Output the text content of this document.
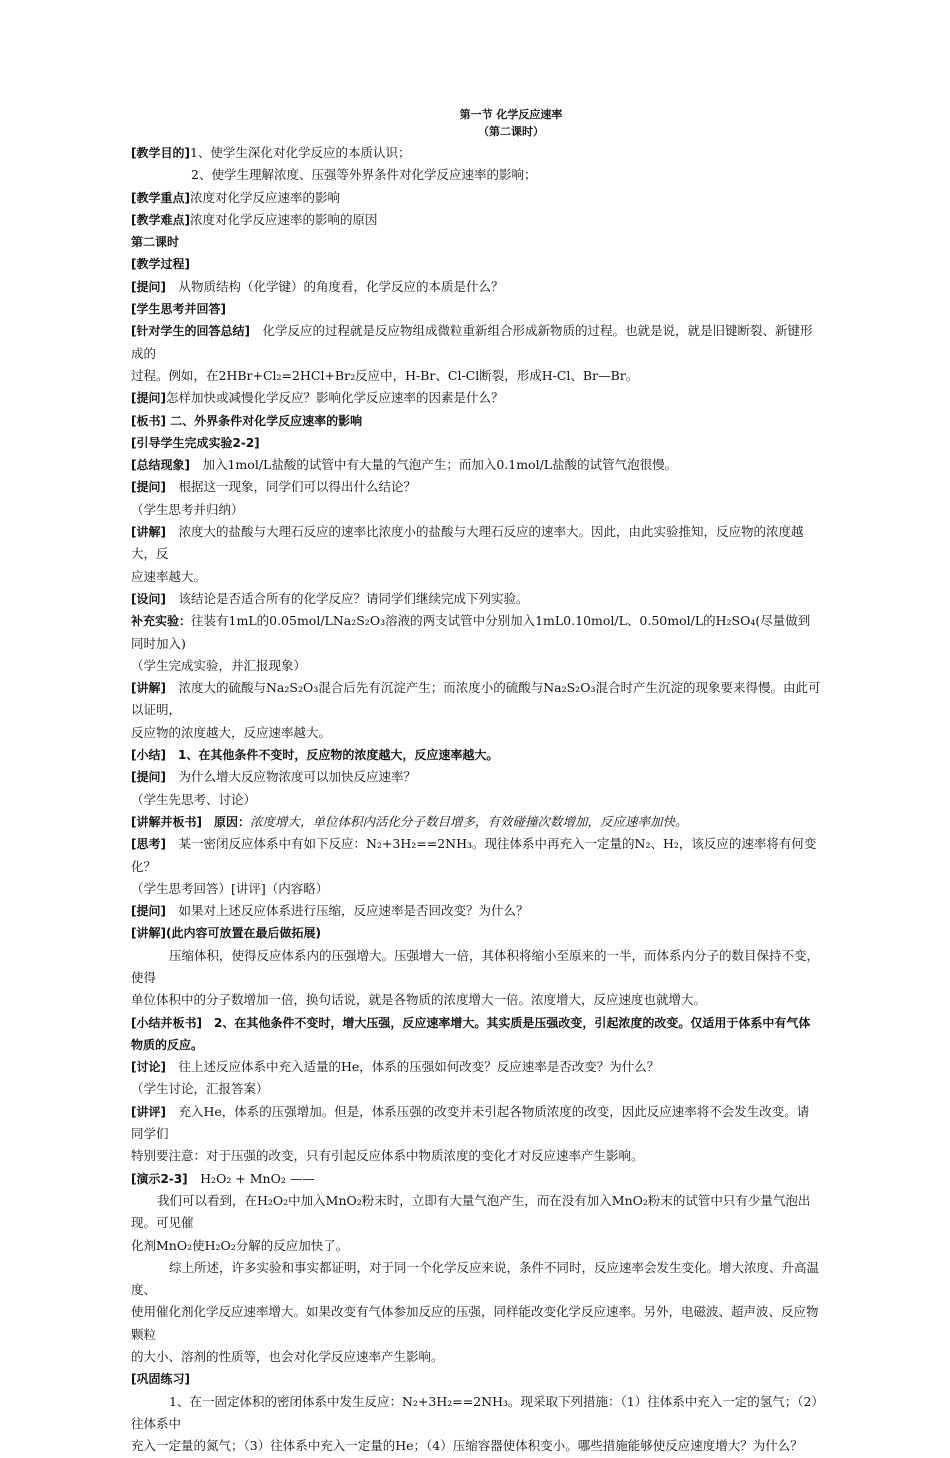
第一节 化学反应速率
（第二课时）

[教学目的]1、使学生深化对化学反应的本质认识；

2、使学生理解浓度、压强等外界条件对化学反应速率的影响；

[教学重点]浓度对化学反应速率的影响

[教学难点]浓度对化学反应速率的影响的原因

第二课时

[教学过程]

[提问]　从物质结构（化学键）的角度看，化学反应的本质是什么？

[学生思考并回答]

[针对学生的回答总结]　化学反应的过程就是反应物组成微粒重新组合形成新物质的过程。也就是说，就是旧键断裂、新键形成的

过程。例如，在2HBr+Cl₂=2HCl+Br₂反应中，H-Br、Cl-Cl断裂，形成H-Cl、Br—Br。

[提问]怎样加快或减慢化学反应？影响化学反应速率的因素是什么？

[板书] 二、外界条件对化学反应速率的影响

[引导学生完成实验2-2]

[总结现象]　加入1mol/L盐酸的试管中有大量的气泡产生；而加入0.1mol/L盐酸的试管气泡很慢。

[提问]　根据这一现象，同学们可以得出什么结论？

（学生思考并归纳）

[讲解]　浓度大的盐酸与大理石反应的速率比浓度小的盐酸与大理石反应的速率大。因此，由此实验推知，反应物的浓度越大，反

应速率越大。

[设问]　该结论是否适合所有的化学反应？请同学们继续完成下列实验。

补充实验：往装有1mL的0.05mol/LNa₂S₂O₃溶液的两支试管中分别加入1mL0.10mol/L、0.50mol/L的H₂SO₄(尽量做到同时加入)

（学生完成实验，并汇报现象）

[讲解]　浓度大的硫酸与Na₂S₂O₃混合后先有沉淀产生；而浓度小的硫酸与Na₂S₂O₃混合时产生沉淀的现象要来得慢。由此可以证明，

反应物的浓度越大，反应速率越大。

[小结]　1、在其他条件不变时，反应物的浓度越大，反应速率越大。

[提问]　为什么增大反应物浓度可以加快反应速率？

（学生先思考、讨论）

[讲解并板书]　原因：浓度增大，单位体积内活化分子数目增多，有效碰撞次数增加，反应速率加快。

[思考]　某一密闭反应体系中有如下反应：N₂+3H₂==2NH₃。现往体系中再充入一定量的N₂、H₂，该反应的速率将有何变化？

（学生思考回答）[讲评]（内容略）

[提问]　如果对上述反应体系进行压缩，反应速率是否回改变？为什么？

[讲解](此内容可放置在最后做拓展)

压缩体积，使得反应体系内的压强增大。压强增大一倍，其体积将缩小至原来的一半，而体系内分子的数目保持不变，使得

单位体积中的分子数增加一倍，换句话说，就是各物质的浓度增大一倍。浓度增大，反应速度也就增大。

[小结并板书]　2、在其他条件不变时，增大压强，反应速率增大。其实质是压强改变，引起浓度的改变。仅适用于体系中有气体

物质的反应。

[讨论]　往上述反应体系中充入适量的He，体系的压强如何改变？反应速率是否改变？为什么？

（学生讨论，汇报答案）

[讲评]　充入He，体系的压强增加。但是，体系压强的改变并未引起各物质浓度的改变，因此反应速率将不会发生改变。请同学们

特别要注意：对于压强的改变，只有引起反应体系中物质浓度的变化才对反应速率产生影响。

[演示2-3]　H₂O₂ + MnO₂ ——

我们可以看到，在H₂O₂中加入MnO₂粉末时，立即有大量气泡产生，而在没有加入MnO₂粉末的试管中只有少量气泡出现。可见催

化剂MnO₂使H₂O₂分解的反应加快了。

综上所述，许多实验和事实都证明，对于同一个化学反应来说，条件不同时，反应速率会发生变化。增大浓度、升高温度、

使用催化剂化学反应速率增大。如果改变有气体参加反应的压强，同样能改变化学反应速率。另外，电磁波、超声波、反应物颗粒

的大小、溶剂的性质等，也会对化学反应速率产生影响。

[巩固练习]

1、在一固定体积的密闭体系中发生反应：N₂+3H₂==2NH₃。现采取下列措施：（1）往体系中充入一定的氢气；（2）往体系中

充入一定量的氮气；（3）往体系中充入一定量的He；（4）压缩容器使体积变小。哪些措施能够使反应速度增大？为什么？
